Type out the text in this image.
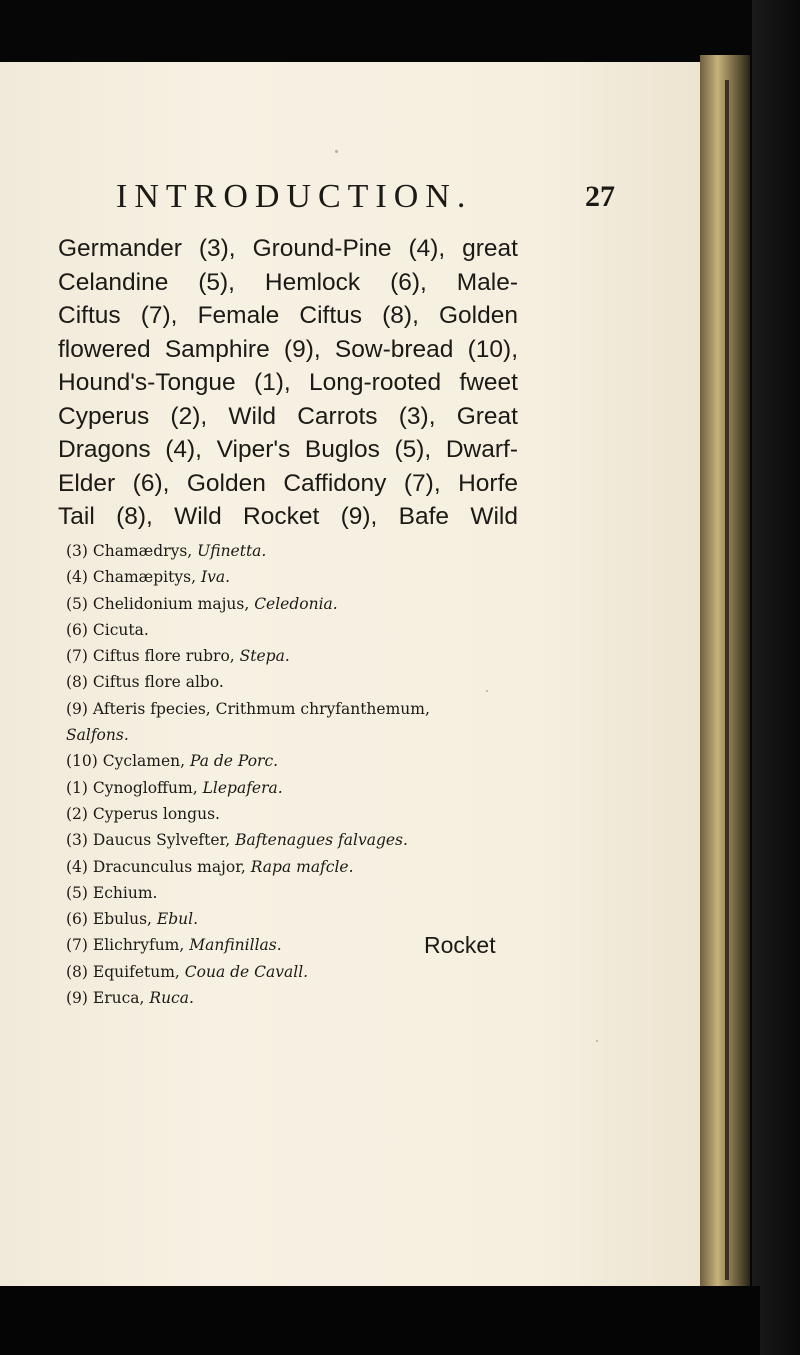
INTRODUCTION.	27
Germander (3), Ground-Pine (4), great
Celandine (5), Hemlock (6), Male-
Ciftus (7), Female Ciftus (8), Golden
flowered Samphire (9), Sow-bread (10),
Hound's-Tongue (1), Long-rooted fweet
Cyperus (2), Wild Carrots (3), Great
Dragons (4), Viper's Buglos (5), Dwarf-
Elder (6), Golden Caffidony (7), Horfe
Tail (8), Wild Rocket (9), Bafe Wild
(3) Chamædrys, Ufinetta.
(4) Chamæpitys, Iva.
(5) Chelidonium majus, Celedonia.
(6) Cicuta.
(7) Ciftus flore rubro, Stepa.
(8) Ciftus flore albo.
(9) Afteris fpecies, Crithmum chryfanthemum,
Salfons.
(10) Cyclamen, Pa de Porc.
(1) Cynogloffum, Llepafera.
(2) Cyperus longus.
(3) Daucus Sylvefter, Baftenagues falvages.
(4) Dracunculus major, Rapa mafcle.
(5) Echium.
(6) Ebulus, Ebul.
(7) Elichryfum, Manfinillas.
(8) Equifetum, Coua de Cavall.
(9) Eruca, Ruca.
Rocket
